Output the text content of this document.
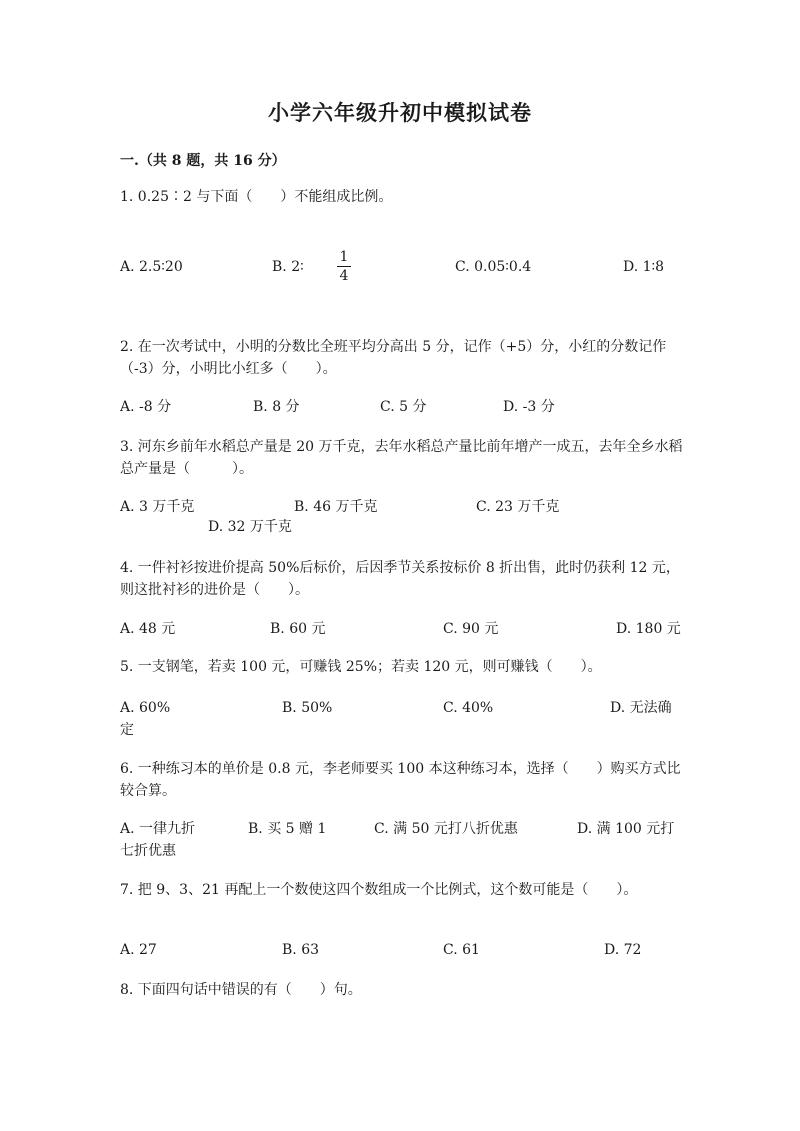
小学六年级升初中模拟试卷
一.（共 8 题，共 16 分）
1. 0.25∶2 与下面（　　）不能组成比例。
A. 2.5∶20	B. 2∶
1
4
C. 0.05∶0.4	D. 1∶8
2. 在一次考试中，小明的分数比全班平均分高出 5 分，记作（+5）分，小红的分数记作（-3）分，小明比小红多（　　）。
A. -8 分	B. 8 分	C. 5 分	D. -3 分
3. 河东乡前年水稻总产量是 20 万千克，去年水稻总产量比前年增产一成五，去年全乡水稻总产量是（　　　）。
A. 3 万千克	B. 46 万千克	C. 23 万千克
D. 32 万千克
4. 一件衬衫按进价提高 50%后标价，后因季节关系按标价 8 折出售，此时仍获利 12 元，则这批衬衫的进价是（　　）。
A. 48 元	B. 60 元	C. 90 元	D. 180 元
5. 一支钢笔，若卖 100 元，可赚钱 25%；若卖 120 元，则可赚钱（　　）。
A. 60%	B. 50%	C. 40%	D. 无法确定
6. 一种练习本的单价是 0.8 元，李老师要买 100 本这种练习本，选择（　　）购买方式比较合算。
A. 一律九折	B. 买 5 赠 1	C. 满 50 元打八折优惠	D. 满 100 元打七折优惠
7. 把 9、3、21 再配上一个数使这四个数组成一个比例式，这个数可能是（　　）。
A. 27	B. 63	C. 61	D. 72
8. 下面四句话中错误的有（　　）句。
